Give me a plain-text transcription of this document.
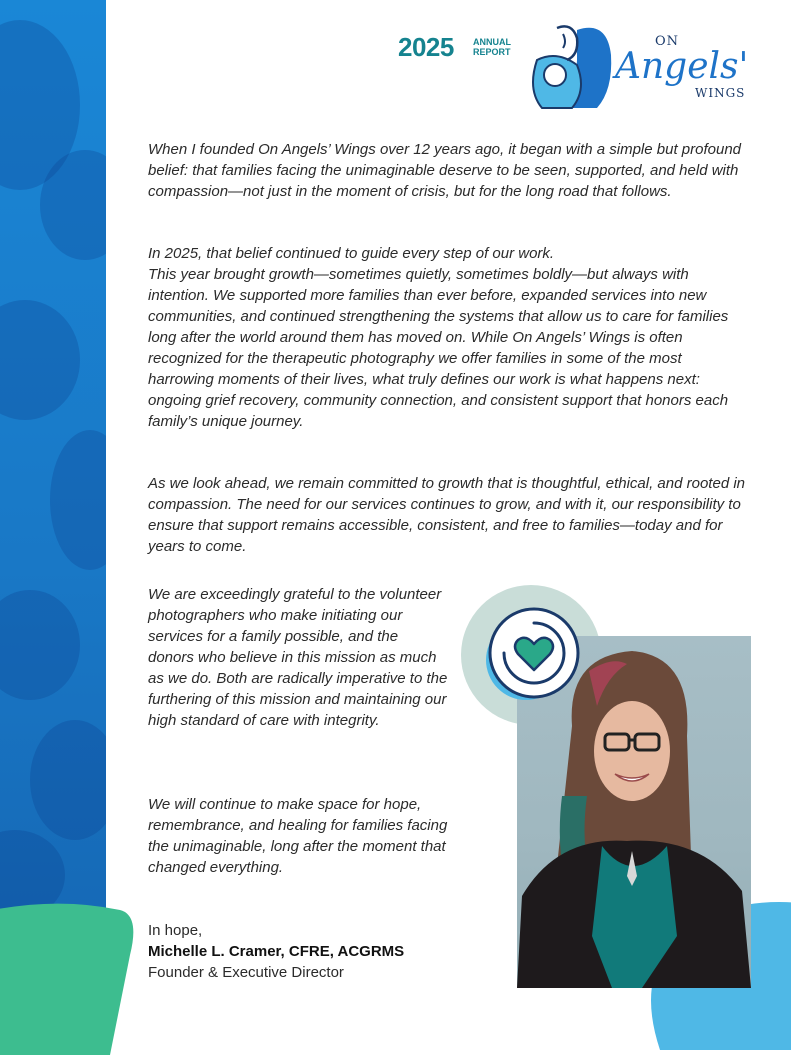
2025 ANNUAL
REPORT
ON
Angels'
WINGS

When I founded On Angels’ Wings over 12 years ago, it began with a simple but profound belief: that families facing the unimaginable deserve to be seen, supported, and held with compassion—not just in the moment of crisis, but for the long road that follows.

In 2025, that belief continued to guide every step of our work.
This year brought growth—sometimes quietly, sometimes boldly—but always with intention. We supported more families than ever before, expanded services into new communities, and continued strengthening the systems that allow us to care for families long after the world around them has moved on. While On Angels’ Wings is often recognized for the therapeutic photography we offer families in some of the most harrowing moments of their lives, what truly defines our work is what happens next: ongoing grief recovery, community connection, and consistent support that honors each family’s unique journey.

As we look ahead, we remain committed to growth that is thoughtful, ethical, and rooted in compassion. The need for our services continues to grow, and with it, our responsibility to ensure that support remains accessible, consistent, and free to families—today and for years to come.

We are exceedingly grateful to the volunteer photographers who make initiating our services for a family possible, and the donors who believe in this mission as much as we do. Both are radically imperative to the furthering of this mission and maintaining our high standard of care with integrity.

We will continue to make space for hope, remembrance, and healing for families facing the unimaginable, long after the moment that changed everything.

In hope,
Michelle L. Cramer, CFRE, ACGRMS
Founder & Executive Director
